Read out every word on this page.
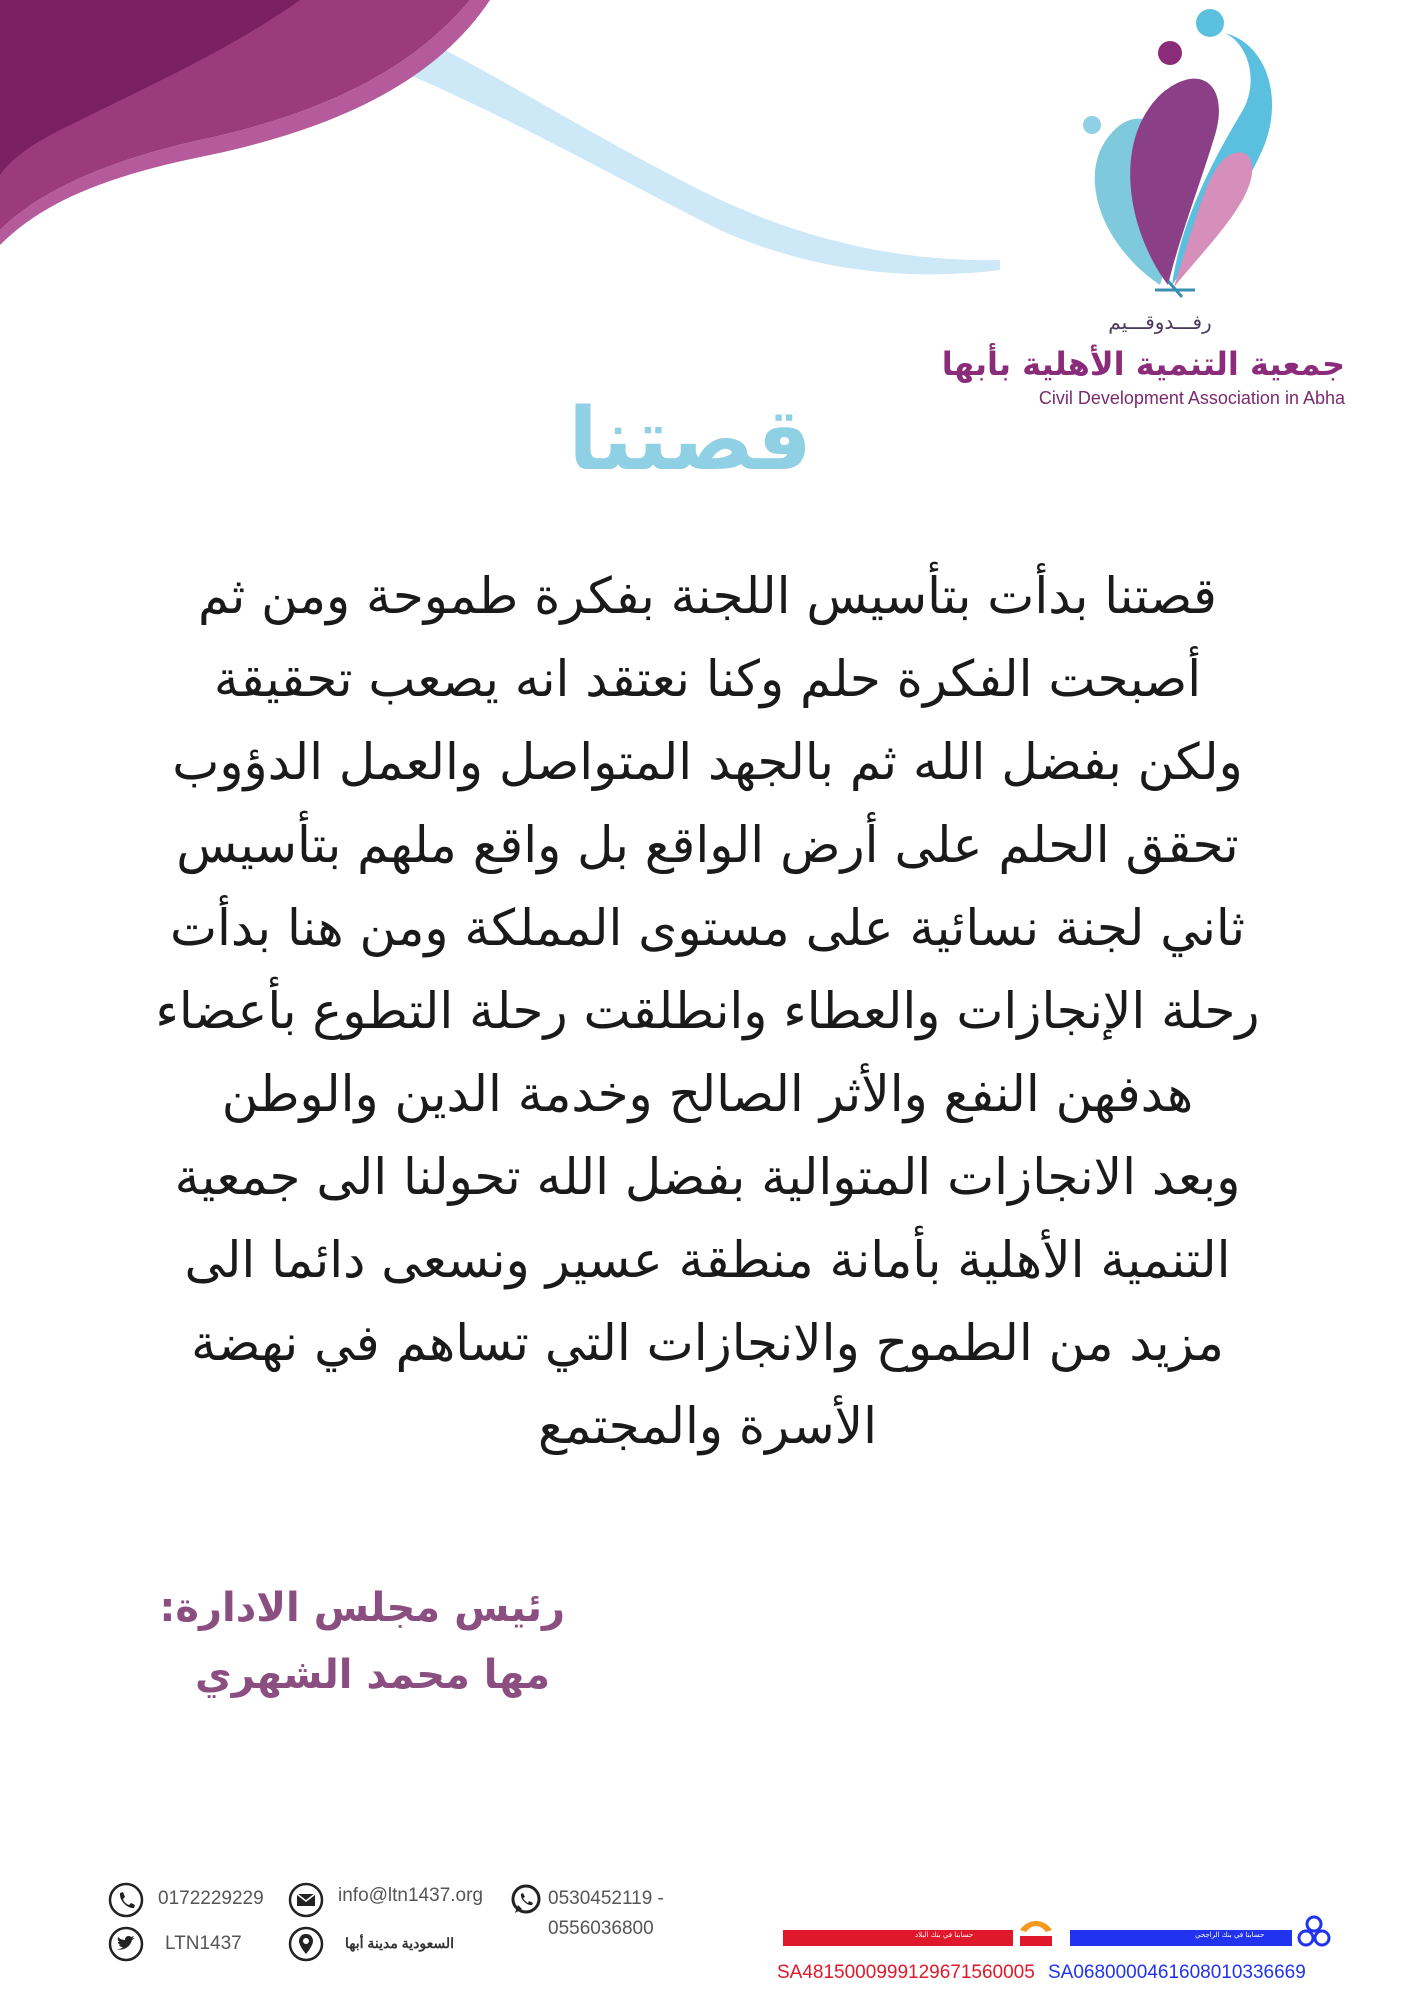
رفـــدوقـــيم
جمعية التنمية الأهلية بأبها
Civil Development Association in Abha
قصتنا

قصتنا بدأت بتأسيس اللجنة بفكرة طموحة ومن ثم

أصبحت الفكرة حلم وكنا نعتقد انه يصعب تحقيقة

ولكن بفضل الله ثم بالجهد المتواصل والعمل الدؤوب

تحقق الحلم على أرض الواقع بل واقع ملهم بتأسيس

ثاني لجنة نسائية على مستوى المملكة ومن هنا بدأت

رحلة الإنجازات والعطاء وانطلقت رحلة التطوع بأعضاء

هدفهن النفع والأثر الصالح وخدمة الدين والوطن

وبعد الانجازات المتوالية بفضل الله تحولنا الى جمعية

التنمية الأهلية بأمانة منطقة عسير ونسعى دائما الى

مزيد من الطموح والانجازات التي تساهم في نهضة

الأسرة والمجتمع

رئيس مجلس الادارة:
مها محمد الشهري
0172229229	info@ltn1437.org	0530452119 -
0556036800
LTN1437	السعودية مدينة أبها	حسابنا في بنك البلاد
SA4815000999129671560005
حسابنا في بنك الراجحي
SA0680000461608010336669
